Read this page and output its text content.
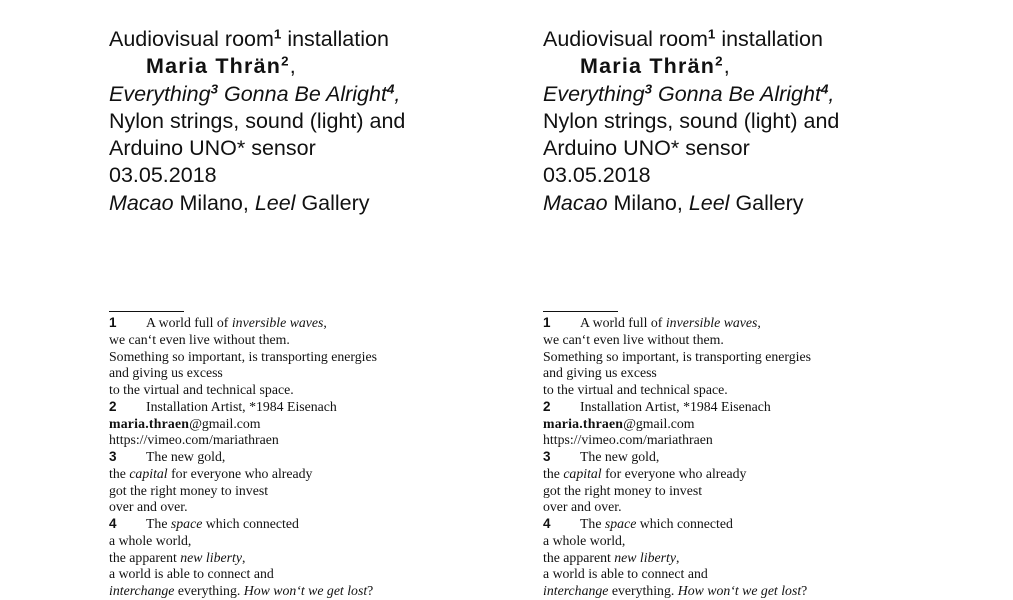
Audiovisual room$^1$ installation
Maria Thrän$^2$,
Everything$^3$ Gonna Be Alright$^4$,
Nylon strings, sound (light) and
Arduino UNO* sensor
03.05.2018
Macao Milano, Leel Gallery
1 A world full of inversible waves,
we can‘t even live without them.
Something so important, is transporting energies
and giving us excess
to the virtual and technical space.
2 Installation Artist, *1984 Eisenach
maria.thraen@gmail.com
https://vimeo.com/mariathraen
3 The new gold,
the capital for everyone who already
got the right money to invest
over and over.
4 The space which connected
a whole world,
the apparent new liberty,
a world is able to connect and
interchange everything. How won‘t we get lost?
Audiovisual room$^1$ installation
Maria Thrän$^2$,
Everything$^3$ Gonna Be Alright$^4$,
Nylon strings, sound (light) and
Arduino UNO* sensor
03.05.2018
Macao Milano, Leel Gallery
1 A world full of inversible waves,
we can‘t even live without them.
Something so important, is transporting energies
and giving us excess
to the virtual and technical space.
2 Installation Artist, *1984 Eisenach
maria.thraen@gmail.com
https://vimeo.com/mariathraen
3 The new gold,
the capital for everyone who already
got the right money to invest
over and over.
4 The space which connected
a whole world,
the apparent new liberty,
a world is able to connect and
interchange everything. How won‘t we get lost?
